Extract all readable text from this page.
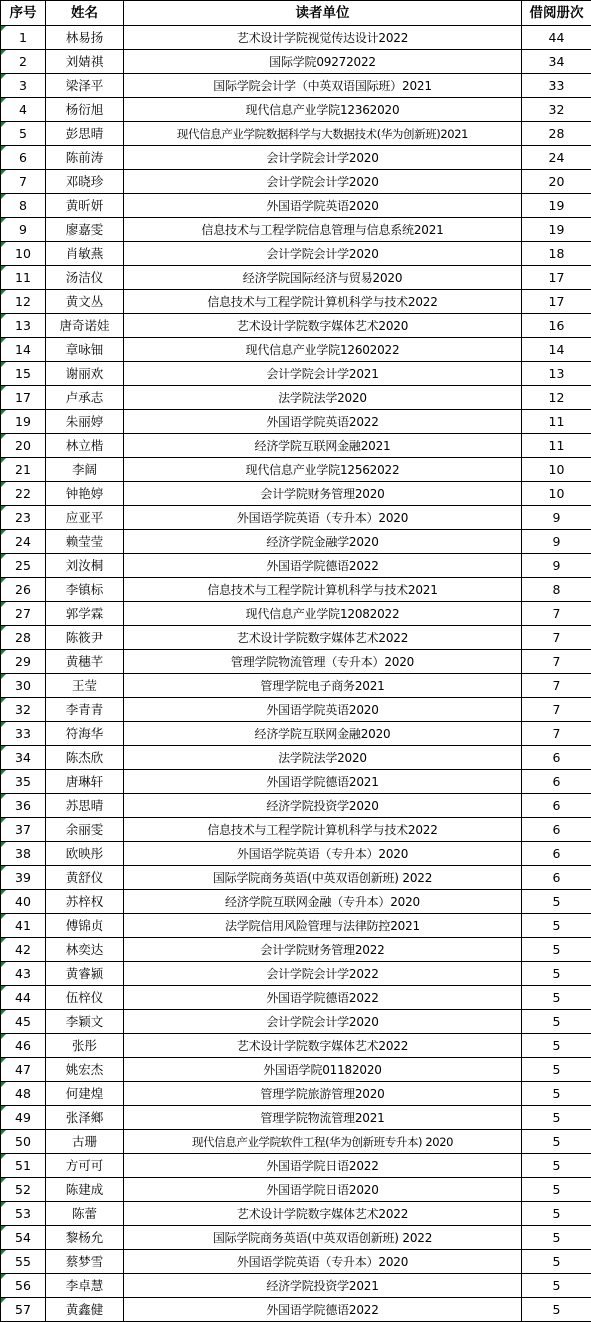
序号	姓名	读者单位	借阅册次
1	林易扬	艺术设计学院视觉传达设计2022	44
2	刘婧祺	国际学院09272022	34
3	梁泽平	国际学院会计学（中英双语国际班）2021	33
4	杨衍旭	现代信息产业学院12362020	32
5	彭思晴	现代信息产业学院数据科学与大数据技术(华为创新班)2021	28
6	陈前涛	会计学院会计学2020	24
7	邓晓珍	会计学院会计学2020	20
8	黄昕妍	外国语学院英语2020	19
9	廖嘉雯	信息技术与工程学院信息管理与信息系统2021	19
10	肖敏燕	会计学院会计学2020	18
11	汤洁仪	经济学院国际经济与贸易2020	17
12	黄文丛	信息技术与工程学院计算机科学与技术2022	17
13	唐奇诺娃	艺术设计学院数字媒体艺术2020	16
14	章咏钿	现代信息产业学院12602022	14
15	谢丽欢	会计学院会计学2021	13
17	卢承志	法学院法学2020	12
19	朱丽婷	外国语学院英语2022	11
20	林立楷	经济学院互联网金融2021	11
21	李阔	现代信息产业学院12562022	10
22	钟艳婷	会计学院财务管理2020	10
23	应亚平	外国语学院英语（专升本）2020	9
24	赖莹莹	经济学院金融学2020	9
25	刘汝桐	外国语学院德语2022	9
26	李镇标	信息技术与工程学院计算机科学与技术2021	8
27	郭学霖	现代信息产业学院12082022	7
28	陈筱尹	艺术设计学院数字媒体艺术2022	7
29	黄穗芊	管理学院物流管理（专升本）2020	7
30	王莹	管理学院电子商务2021	7
32	李青青	外国语学院英语2020	7
33	符海华	经济学院互联网金融2020	7
34	陈杰欣	法学院法学2020	6
35	唐琳轩	外国语学院德语2021	6
36	苏思晴	经济学院投资学2020	6
37	余丽雯	信息技术与工程学院计算机科学与技术2022	6
38	欧映彤	外国语学院英语（专升本）2020	6
39	黄舒仪	国际学院商务英语(中英双语创新班) 2022	6
40	苏梓权	经济学院互联网金融（专升本）2020	5
41	傅锦贞	法学院信用风险管理与法律防控2021	5
42	林奕达	会计学院财务管理2022	5
43	黄睿颍	会计学院会计学2022	5
44	伍梓仪	外国语学院德语2022	5
45	李颖文	会计学院会计学2020	5
46	张彤	艺术设计学院数字媒体艺术2022	5
47	姚宏杰	外国语学院01182020	5
48	何建煌	管理学院旅游管理2020	5
49	张泽鄉	管理学院物流管理2021	5
50	古珊	现代信息产业学院软件工程(华为创新班专升本) 2020	5
51	方可可	外国语学院日语2022	5
52	陈建成	外国语学院日语2020	5
53	陈蕾	艺术设计学院数字媒体艺术2022	5
54	黎杨允	国际学院商务英语(中英双语创新班) 2022	5
55	蔡梦雪	外国语学院英语（专升本）2020	5
56	李卓慧	经济学院投资学2021	5
57	黄鑫健	外国语学院德语2022	5
